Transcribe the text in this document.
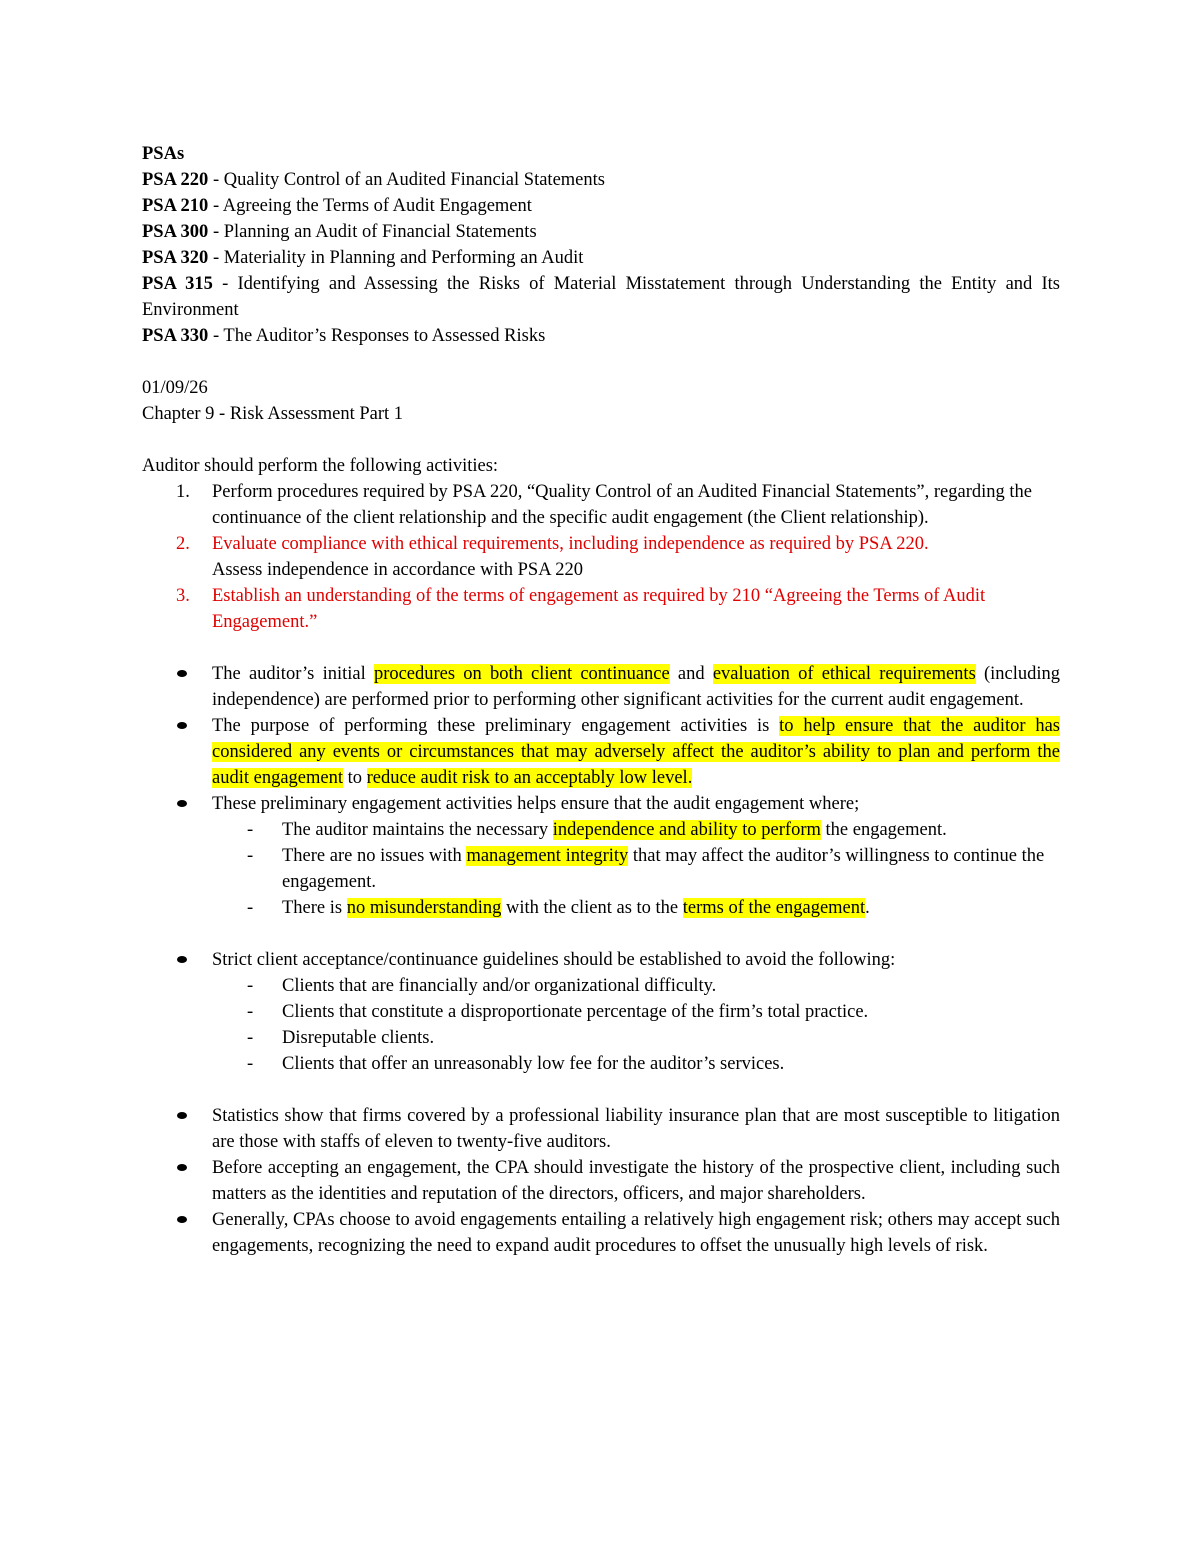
PSAs

PSA 220 - Quality Control of an Audited Financial Statements

PSA 210 - Agreeing the Terms of Audit Engagement

PSA 300 - Planning an Audit of Financial Statements

PSA 320 - Materiality in Planning and Performing an Audit

PSA 315 - Identifying and Assessing the Risks of Material Misstatement through Understanding the Entity and Its Environment

PSA 330 - The Auditor’s Responses to Assessed Risks

01/09/26

Chapter 9 - Risk Assessment Part 1

Auditor should perform the following activities:

1.	Perform procedures required by PSA 220, “Quality Control of an Audited Financial Statements”, regarding the continuance of the client relationship and the specific audit engagement (the Client relationship).
2.	Evaluate compliance with ethical requirements, including independence as required by PSA 220.
Assess independence in accordance with PSA 220
3.	Establish an understanding of the terms of engagement as required by 210 “Agreeing the Terms of Audit Engagement.”
The auditor’s initial procedures on both client continuance and evaluation of ethical requirements (including independence) are performed prior to performing other significant activities for the current audit engagement.
The purpose of performing these preliminary engagement activities is to help ensure that the auditor has considered any events or circumstances that may adversely affect the auditor’s ability to plan and perform the audit engagement to reduce audit risk to an acceptably low level.
These preliminary engagement activities helps ensure that the audit engagement where;
- The auditor maintains the necessary independence and ability to perform the engagement.
- There are no issues with management integrity that may affect the auditor’s willingness to continue the engagement.
- There is no misunderstanding with the client as to the terms of the engagement.
Strict client acceptance/continuance guidelines should be established to avoid the following:
- Clients that are financially and/or organizational difficulty.
- Clients that constitute a disproportionate percentage of the firm’s total practice.
- Disreputable clients.
- Clients that offer an unreasonably low fee for the auditor’s services.
Statistics show that firms covered by a professional liability insurance plan that are most susceptible to litigation are those with staffs of eleven to twenty-five auditors.
Before accepting an engagement, the CPA should investigate the history of the prospective client, including such matters as the identities and reputation of the directors, officers, and major shareholders.
Generally, CPAs choose to avoid engagements entailing a relatively high engagement risk; others may accept such engagements, recognizing the need to expand audit procedures to offset the unusually high levels of risk.
